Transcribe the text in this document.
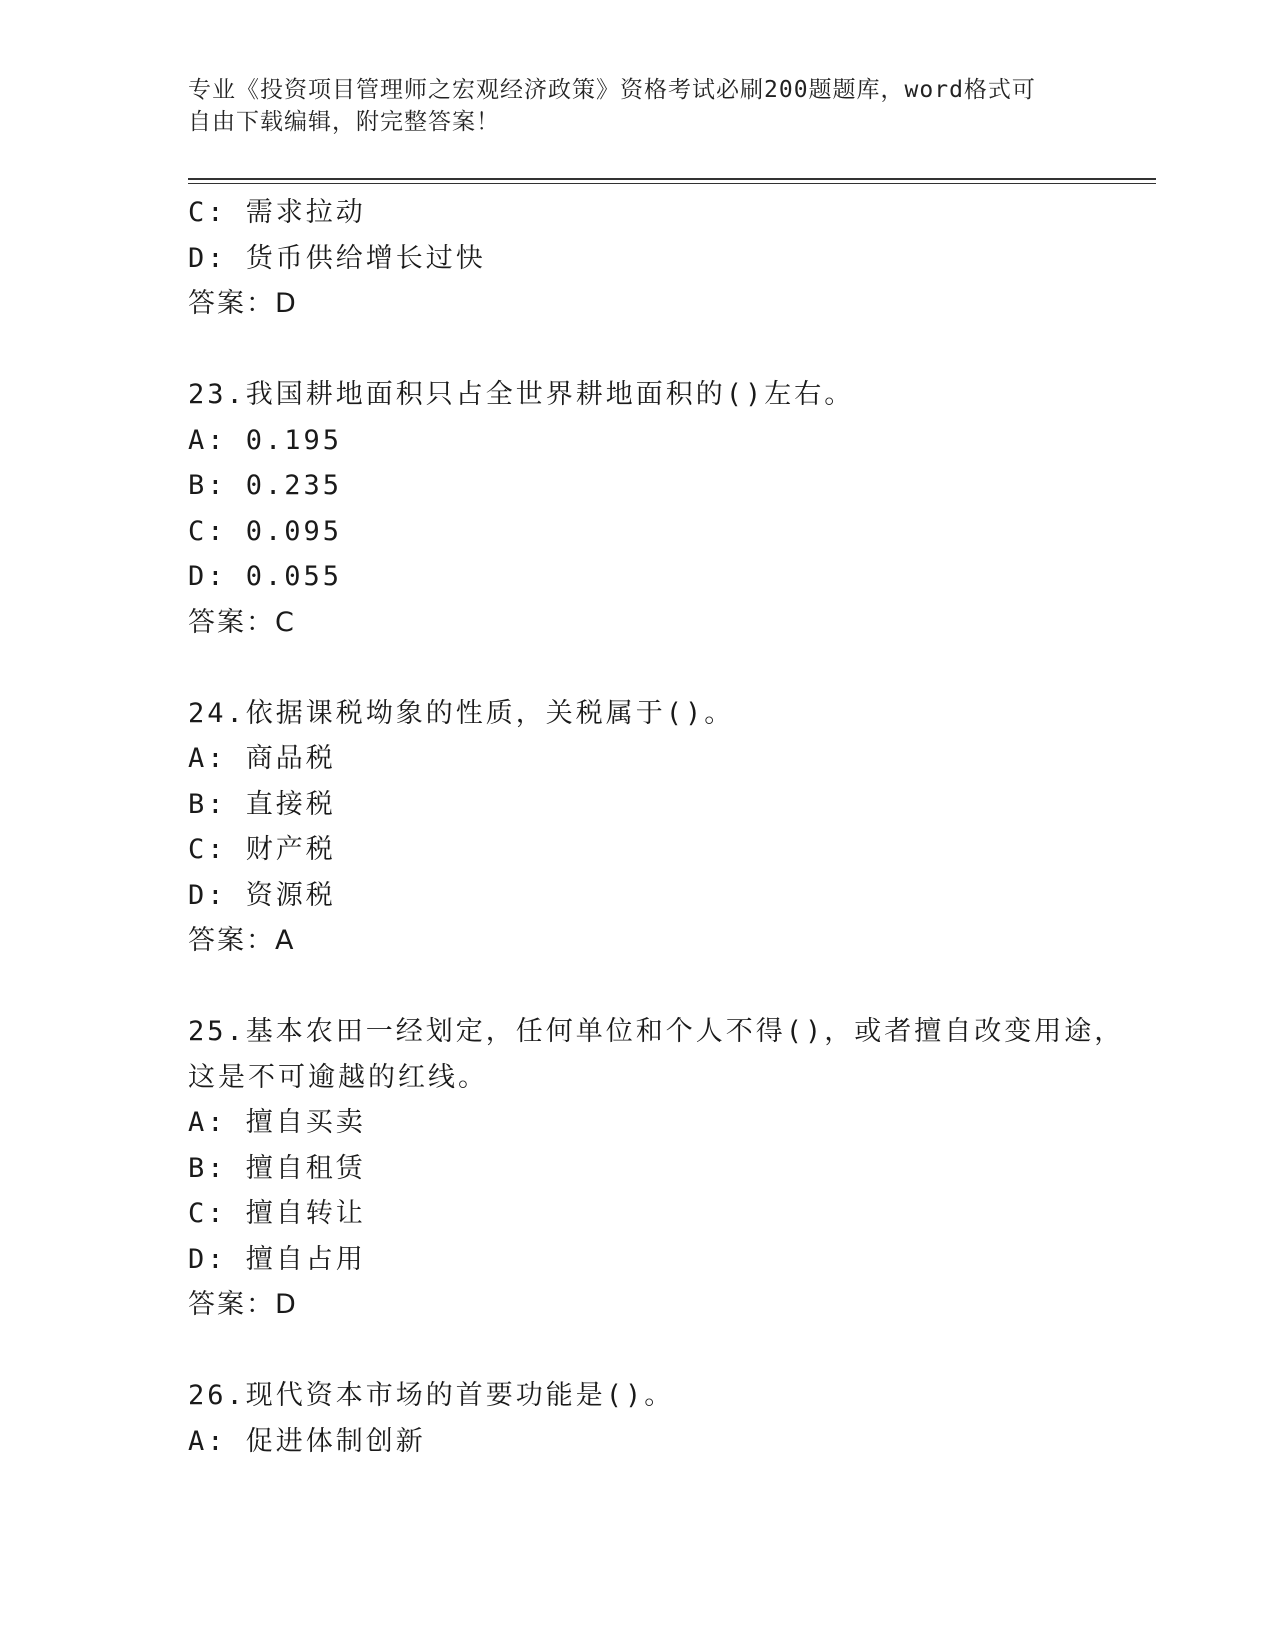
专业《投资项目管理师之宏观经济政策》资格考试必刷200题题库，word格式可
自由下载编辑，附完整答案！
C: 需求拉动
D: 货币供给增长过快
答案：D
23.我国耕地面积只占全世界耕地面积的()左右。
A: 0.195
B: 0.235
C: 0.095
D: 0.055
答案：C
24.依据课税坳象的性质，关税属于()。
A: 商品税
B: 直接税
C: 财产税
D: 资源税
答案：A
25.基本农田一经划定，任何单位和个人不得()，或者擅自改变用途，
这是不可逾越的红线。
A: 擅自买卖
B: 擅自租赁
C: 擅自转让
D: 擅自占用
答案：D
26.现代资本市场的首要功能是()。
A: 促进体制创新
